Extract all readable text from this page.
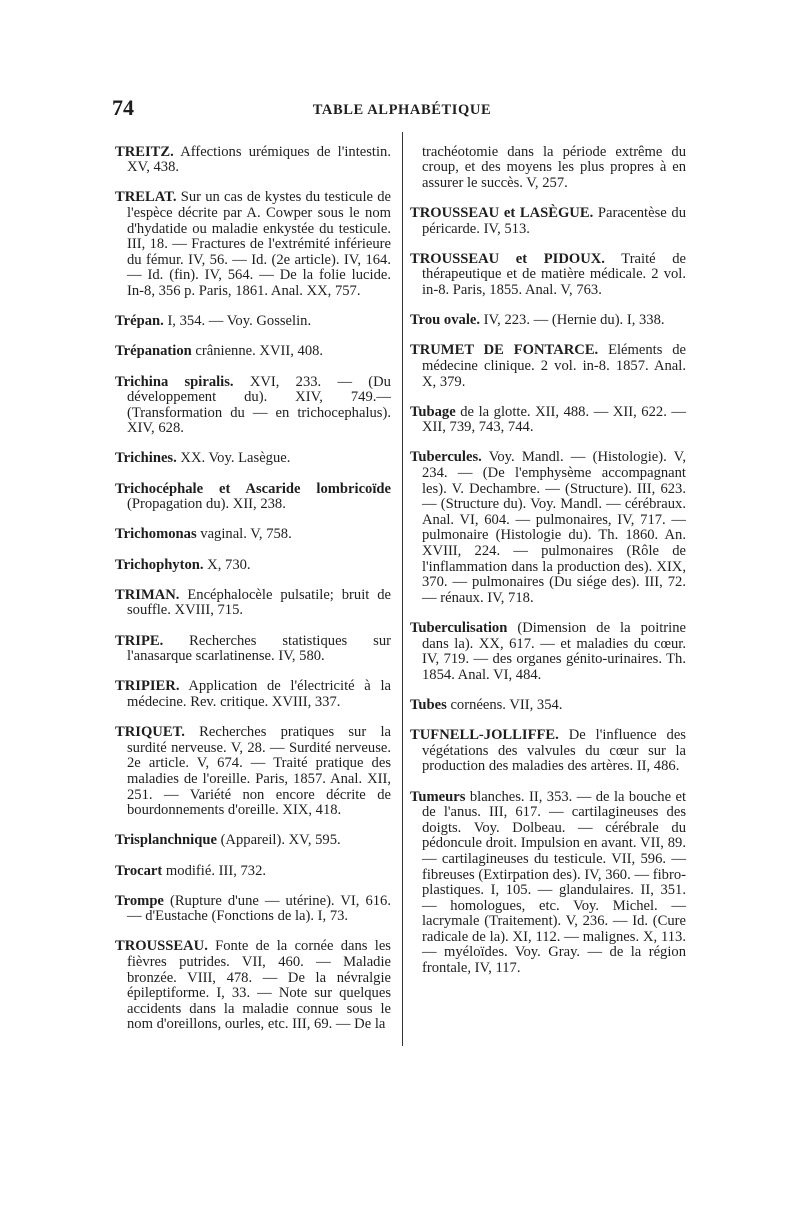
74	TABLE ALPHABÉTIQUE

TREITZ. Affections urémiques de l'intestin. XV, 438.

TRELAT. Sur un cas de kystes du testicule de l'espèce décrite par A. Cowper sous le nom d'hydatide ou maladie enkystée du testicule. III, 18. — Fractures de l'extrémité inférieure du fémur. IV, 56. — Id. (2e article). IV, 164. — Id. (fin). IV, 564. — De la folie lucide. In-8, 356 p. Paris, 1861. Anal. XX, 757.

Trépan. I, 354. — Voy. Gosselin.

Trépanation crânienne. XVII, 408.

Trichina spiralis. XVI, 233. — (Du développement du). XIV, 749.— (Transformation du — en trichocephalus). XIV, 628.

Trichines. XX. Voy. Lasègue.

Trichocéphale et Ascaride lombricoïde (Propagation du). XII, 238.

Trichomonas vaginal. V, 758.

Trichophyton. X, 730.

TRIMAN. Encéphalocèle pulsatile; bruit de souffle. XVIII, 715.

TRIPE. Recherches statistiques sur l'anasarque scarlatinense. IV, 580.

TRIPIER. Application de l'électricité à la médecine. Rev. critique. XVIII, 337.

TRIQUET. Recherches pratiques sur la surdité nerveuse. V, 28. — Surdité nerveuse. 2e article. V, 674. — Traité pratique des maladies de l'oreille. Paris, 1857. Anal. XII, 251. — Variété non encore décrite de bourdonnements d'oreille. XIX, 418.

Trisplanchnique (Appareil). XV, 595.

Trocart modifié. III, 732.

Trompe (Rupture d'une — utérine). VI, 616. — d'Eustache (Fonctions de la). I, 73.

TROUSSEAU. Fonte de la cornée dans les fièvres putrides. VII, 460. — Maladie bronzée. VIII, 478. — De la névralgie épileptiforme. I, 33. — Note sur quelques accidents dans la maladie connue sous le nom d'oreillons, ourles, etc. III, 69. — De la

trachéotomie dans la période extrême du croup, et des moyens les plus propres à en assurer le succès. V, 257.

TROUSSEAU et LASÈGUE. Paracentèse du péricarde. IV, 513.

TROUSSEAU et PIDOUX. Traité de thérapeutique et de matière médicale. 2 vol. in-8. Paris, 1855. Anal. V, 763.

Trou ovale. IV, 223. — (Hernie du). I, 338.

TRUMET DE FONTARCE. Eléments de médecine clinique. 2 vol. in-8. 1857. Anal. X, 379.

Tubage de la glotte. XII, 488. — XII, 622. — XII, 739, 743, 744.

Tubercules. Voy. Mandl. — (Histologie). V, 234. — (De l'emphysème accompagnant les). V. Dechambre. — (Structure). III, 623. — (Structure du). Voy. Mandl. — cérébraux. Anal. VI, 604. — pulmonaires, IV, 717. — pulmonaire (Histologie du). Th. 1860. An. XVIII, 224. — pulmonaires (Rôle de l'inflammation dans la production des). XIX, 370. — pulmonaires (Du siége des). III, 72. — rénaux. IV, 718.

Tuberculisation (Dimension de la poitrine dans la). XX, 617. — et maladies du cœur. IV, 719. — des organes génito-urinaires. Th. 1854. Anal. VI, 484.

Tubes cornéens. VII, 354.

TUFNELL-JOLLIFFE. De l'influence des végétations des valvules du cœur sur la production des maladies des artères. II, 486.

Tumeurs blanches. II, 353. — de la bouche et de l'anus. III, 617. — cartilagineuses des doigts. Voy. Dolbeau. — cérébrale du pédoncule droit. Impulsion en avant. VII, 89. — cartilagineuses du testicule. VII, 596. — fibreuses (Extirpation des). IV, 360. — fibro-plastiques. I, 105. — glandulaires. II, 351. — homologues, etc. Voy. Michel. — lacrymale (Traitement). V, 236. — Id. (Cure radicale de la). XI, 112. — malignes. X, 113. — myéloïdes. Voy. Gray. — de la région frontale, IV, 117.
